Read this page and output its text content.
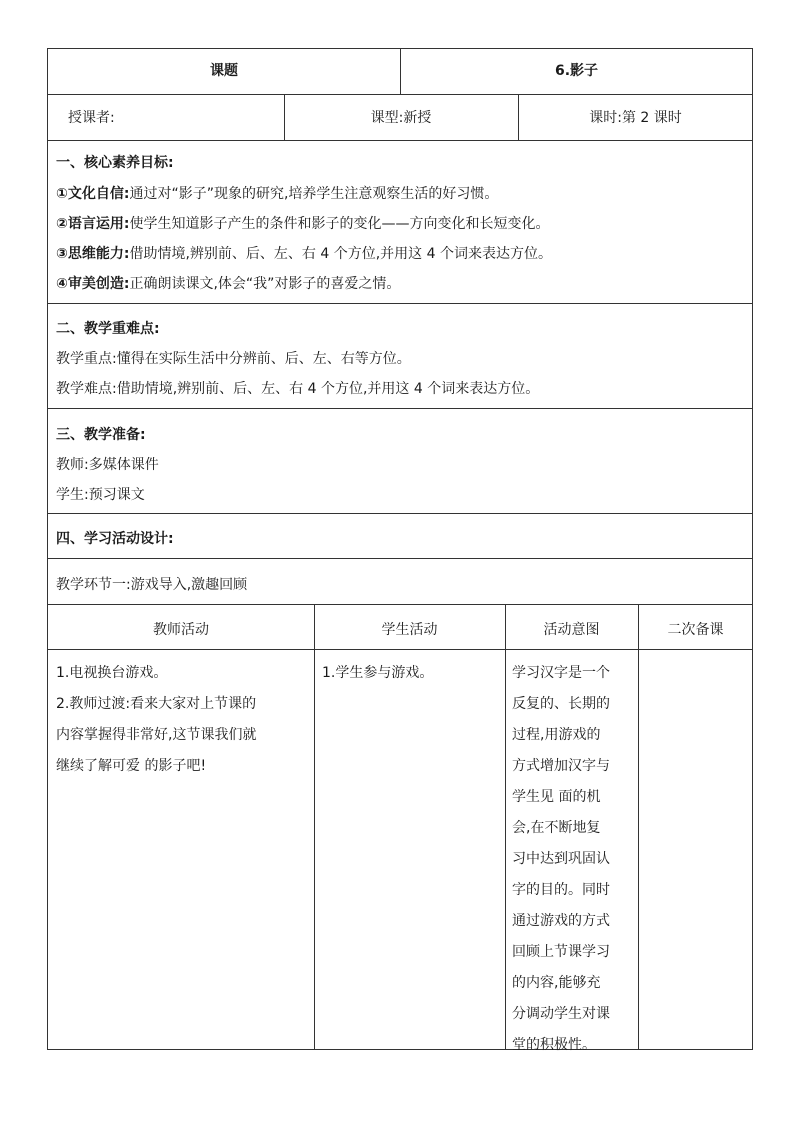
课题	6.影子
授课者:	课型:新授	课时:第 2 课时
一、核心素养目标:
①文化自信:通过对“影子”现象的研究,培养学生注意观察生活的好习惯。
②语言运用:使学生知道影子产生的条件和影子的变化——方向变化和长短变化。
③思维能力:借助情境,辨别前、后、左、右 4 个方位,并用这 4 个词来表达方位。
④审美创造:正确朗读课文,体会“我”对影子的喜爱之情。
二、教学重难点:
教学重点:懂得在实际生活中分辨前、后、左、右等方位。
教学难点:借助情境,辨别前、后、左、右 4 个方位,并用这 4 个词来表达方位。
三、教学准备:
教师:多媒体课件
学生:预习课文
四、学习活动设计:
教学环节一:游戏导入,激趣回顾
教师活动	学生活动	活动意图	二次备课
1.电视换台游戏。
2.教师过渡:看来大家对上节课的
内容掌握得非常好,这节课我们就
继续了解可爱 的影子吧!
1.学生参与游戏。	学习汉字是一个
反复的、长期的
过程,用游戏的
方式增加汉字与
学生见 面的机
会,在不断地复
习中达到巩固认
字的目的。同时
通过游戏的方式
回顾上节课学习
的内容,能够充
分调动学生对课
堂的积极性。
